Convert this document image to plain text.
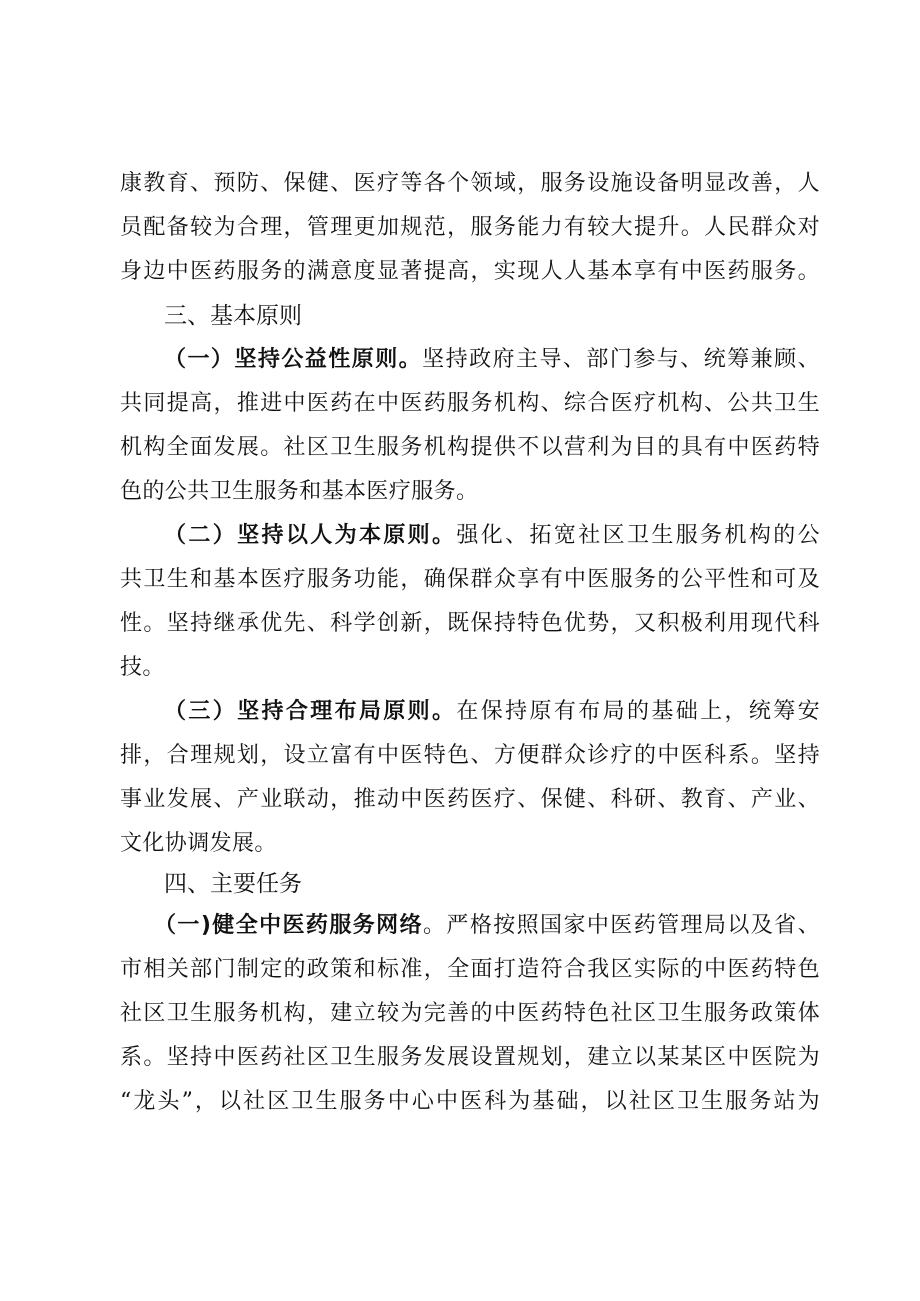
康教育、预防、保健、医疗等各个领域，服务设施设备明显改善，人
员配备较为合理，管理更加规范，服务能力有较大提升。人民群众对
身边中医药服务的满意度显著提高，实现人人基本享有中医药服务。
三、基本原则
（一）坚持公益性原则。坚持政府主导、部门参与、统筹兼顾、
共同提高，推进中医药在中医药服务机构、综合医疗机构、公共卫生
机构全面发展。社区卫生服务机构提供不以营利为目的具有中医药特
色的公共卫生服务和基本医疗服务。
（二）坚持以人为本原则。强化、拓宽社区卫生服务机构的公
共卫生和基本医疗服务功能，确保群众享有中医服务的公平性和可及
性。坚持继承优先、科学创新，既保持特色优势，又积极利用现代科
技。
（三）坚持合理布局原则。在保持原有布局的基础上，统筹安
排，合理规划，设立富有中医特色、方便群众诊疗的中医科系。坚持
事业发展、产业联动，推动中医药医疗、保健、科研、教育、产业、
文化协调发展。
四、主要任务
（一)健全中医药服务网络。严格按照国家中医药管理局以及省、
市相关部门制定的政策和标准，全面打造符合我区实际的中医药特色
社区卫生服务机构，建立较为完善的中医药特色社区卫生服务政策体
系。坚持中医药社区卫生服务发展设置规划，建立以某某区中医院为
“龙头”，以社区卫生服务中心中医科为基础，以社区卫生服务站为
